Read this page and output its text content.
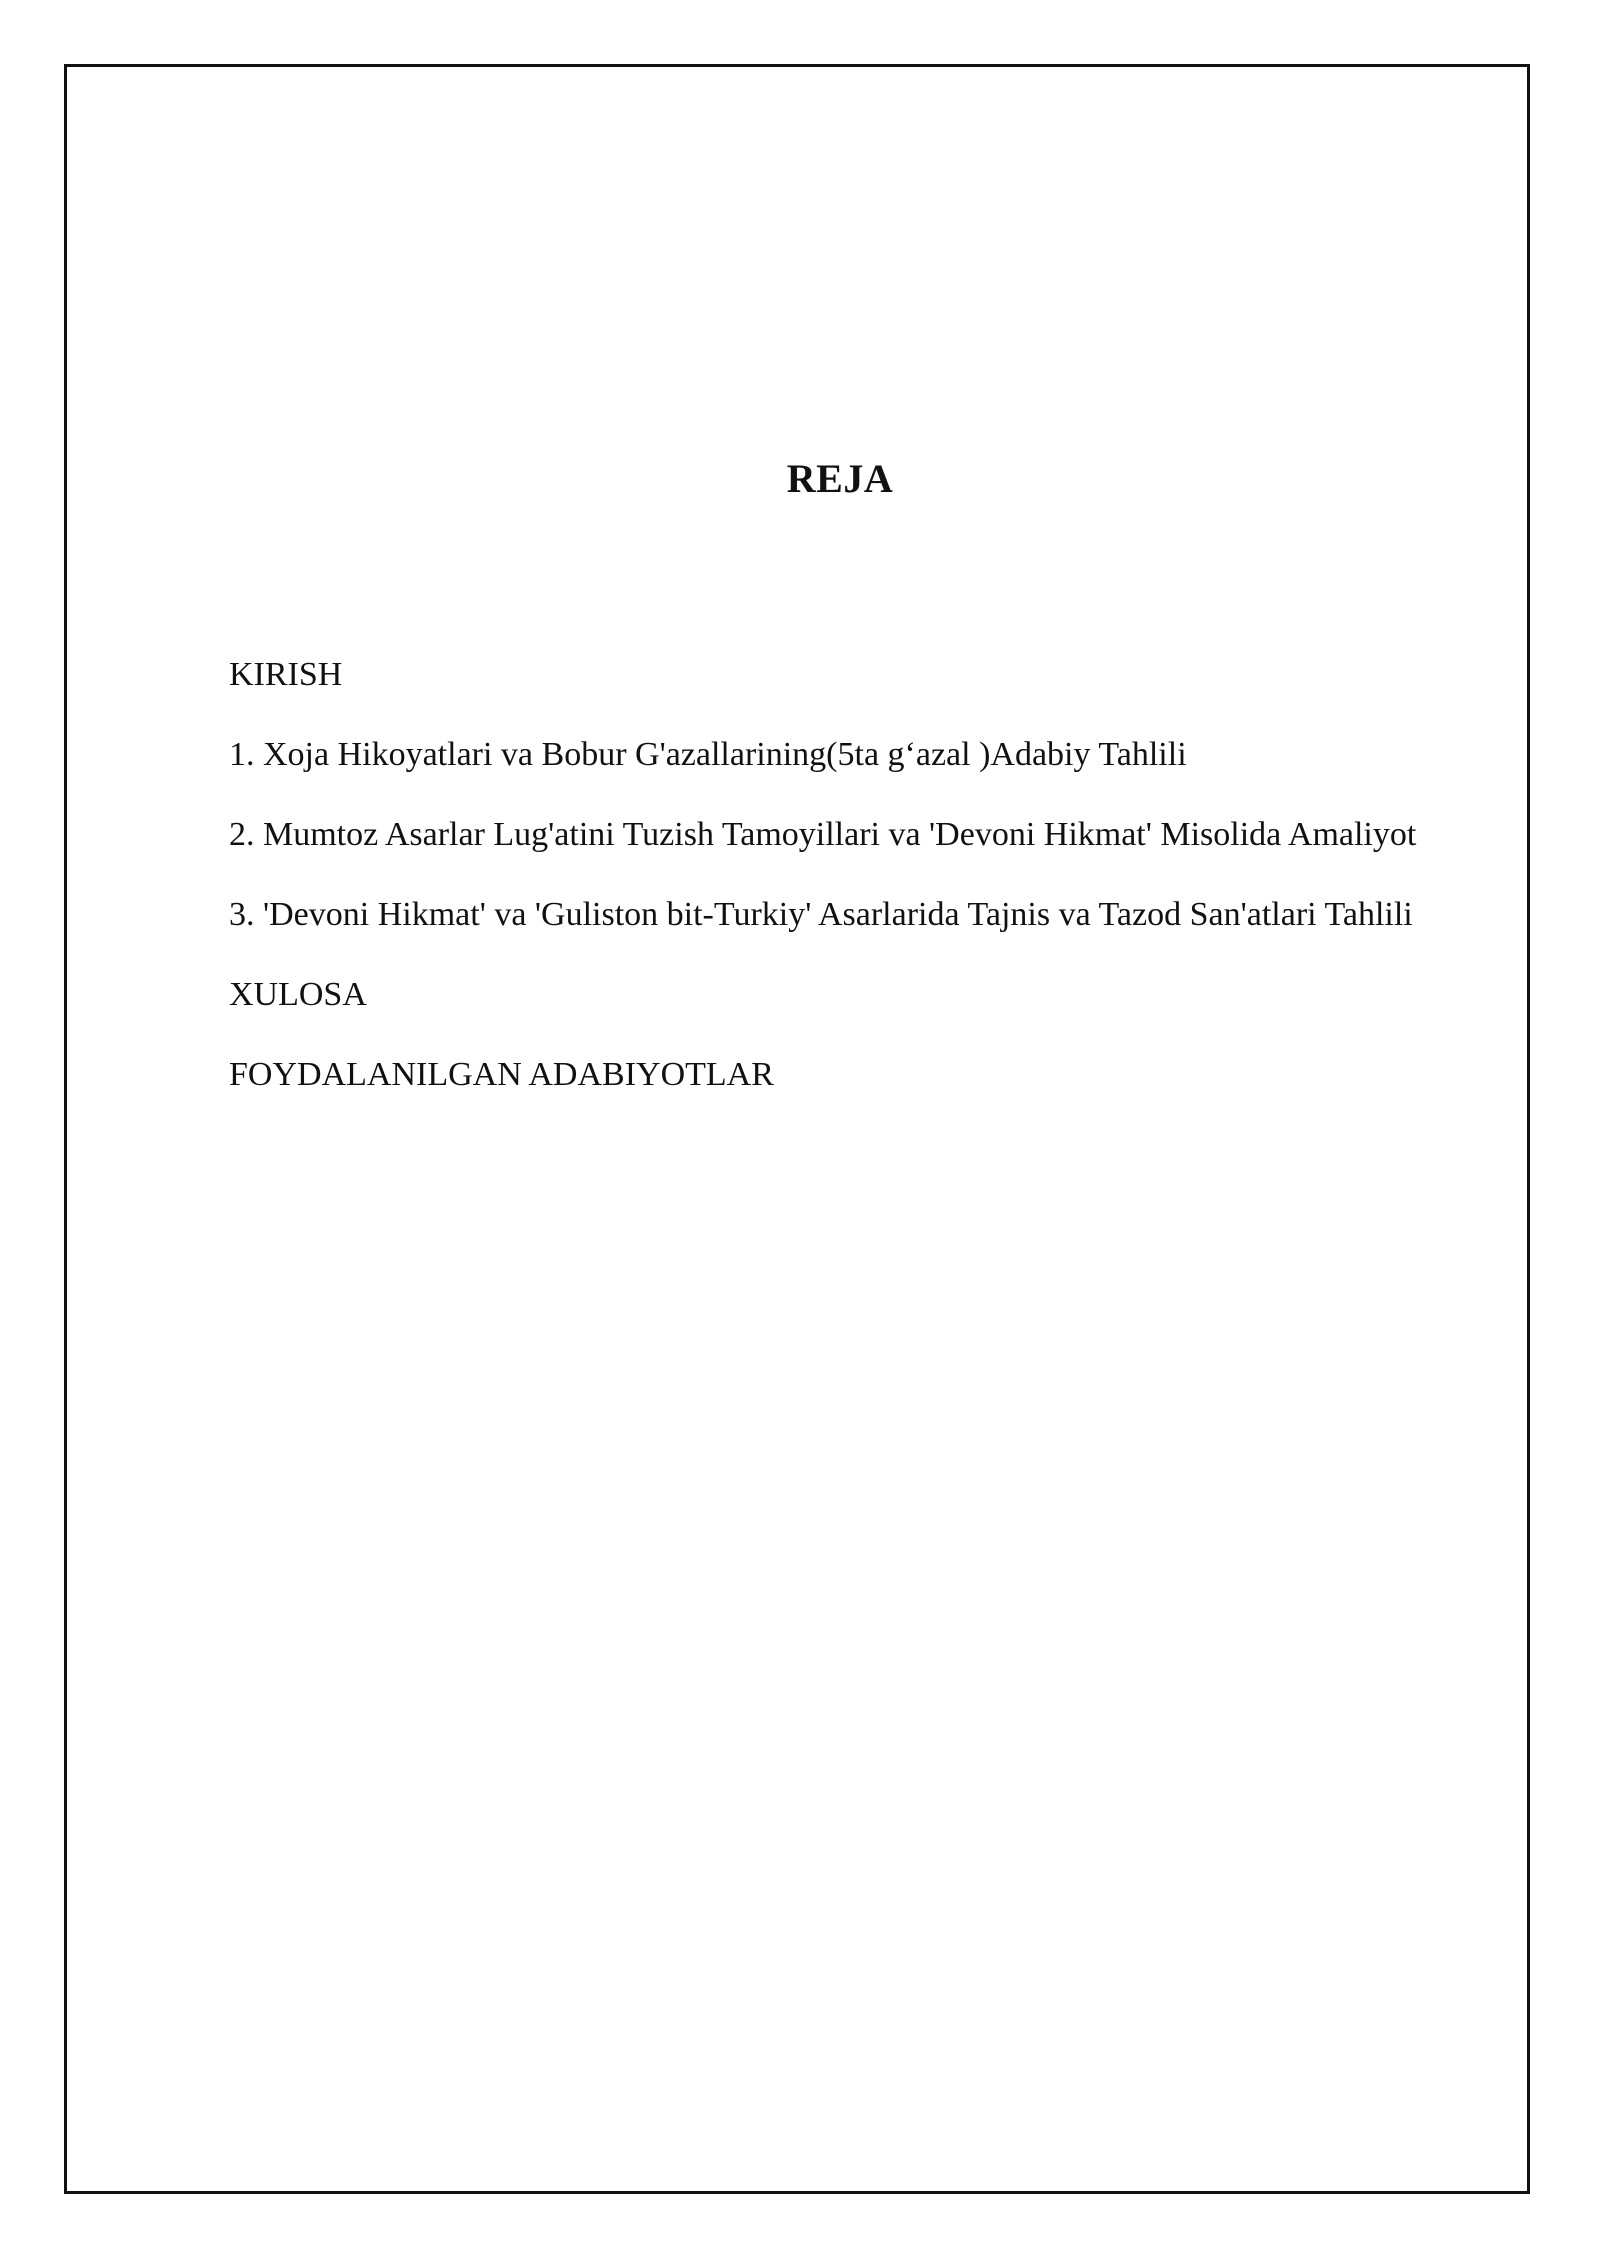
REJA
KIRISH
1. Xoja Hikoyatlari va Bobur G'azallarining(5ta g‘azal )Adabiy Tahlili
2. Mumtoz Asarlar Lug'atini Tuzish Tamoyillari va 'Devoni Hikmat' Misolida Amaliyot
3. 'Devoni Hikmat' va 'Guliston bit-Turkiy' Asarlarida Tajnis va Tazod San'atlari Tahlili
XULOSA
FOYDALANILGAN ADABIYOTLAR
